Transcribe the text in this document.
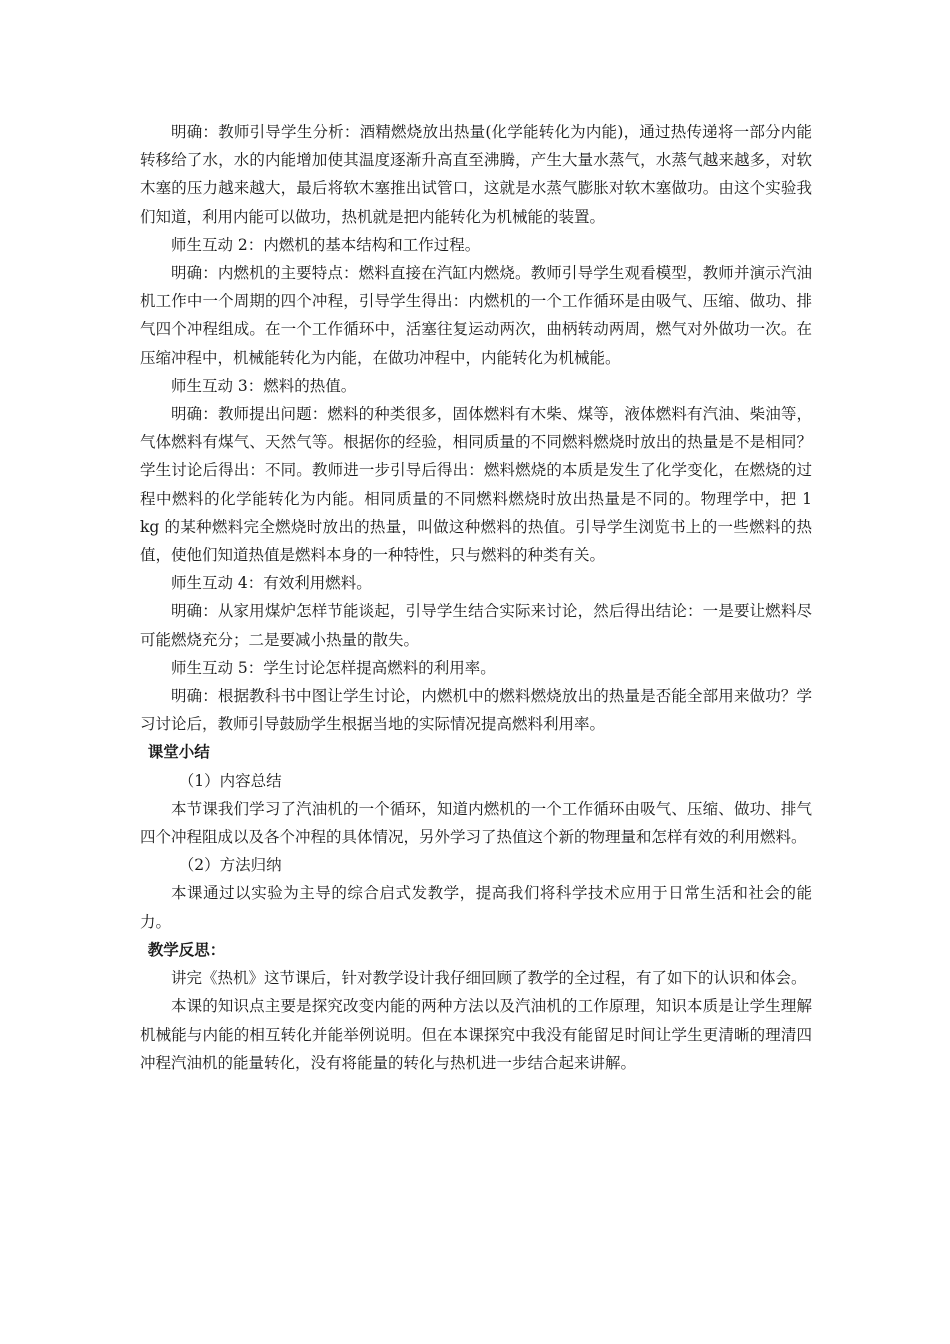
明确：教师引导学生分析：酒精燃烧放出热量(化学能转化为内能)，通过热传递将一部分内能转移给了水，水的内能增加使其温度逐渐升高直至沸腾，产生大量水蒸气，水蒸气越来越多，对软木塞的压力越来越大，最后将软木塞推出试管口，这就是水蒸气膨胀对软木塞做功。由这个实验我们知道，利用内能可以做功，热机就是把内能转化为机械能的装置。

师生互动 2：内燃机的基本结构和工作过程。

明确：内燃机的主要特点：燃料直接在汽缸内燃烧。教师引导学生观看模型，教师并演示汽油机工作中一个周期的四个冲程，引导学生得出：内燃机的一个工作循环是由吸气、压缩、做功、排气四个冲程组成。在一个工作循环中，活塞往复运动两次，曲柄转动两周，燃气对外做功一次。在压缩冲程中，机械能转化为内能，在做功冲程中，内能转化为机械能。

师生互动 3：燃料的热值。

明确：教师提出问题：燃料的种类很多，固体燃料有木柴、煤等，液体燃料有汽油、柴油等，气体燃料有煤气、天然气等。根据你的经验，相同质量的不同燃料燃烧时放出的热量是不是相同？学生讨论后得出：不同。教师进一步引导后得出：燃料燃烧的本质是发生了化学变化，在燃烧的过程中燃料的化学能转化为内能。相同质量的不同燃料燃烧时放出热量是不同的。物理学中，把 1 kg 的某种燃料完全燃烧时放出的热量，叫做这种燃料的热值。引导学生浏览书上的一些燃料的热值，使他们知道热值是燃料本身的一种特性，只与燃料的种类有关。

师生互动 4：有效利用燃料。

明确：从家用煤炉怎样节能谈起，引导学生结合实际来讨论，然后得出结论：一是要让燃料尽可能燃烧充分；二是要减小热量的散失。

师生互动 5：学生讨论怎样提高燃料的利用率。

明确：根据教科书中图让学生讨论，内燃机中的燃料燃烧放出的热量是否能全部用来做功？学习讨论后，教师引导鼓励学生根据当地的实际情况提高燃料利用率。

课堂小结

（1）内容总结

本节课我们学习了汽油机的一个循环，知道内燃机的一个工作循环由吸气、压缩、做功、排气四个冲程阻成以及各个冲程的具体情况，另外学习了热值这个新的物理量和怎样有效的利用燃料。

（2）方法归纳

本课通过以实验为主导的综合启式发教学，提高我们将科学技术应用于日常生活和社会的能力。

教学反思：

讲完《热机》这节课后，针对教学设计我仔细回顾了教学的全过程，有了如下的认识和体会。

本课的知识点主要是探究改变内能的两种方法以及汽油机的工作原理，知识本质是让学生理解机械能与内能的相互转化并能举例说明。但在本课探究中我没有能留足时间让学生更清晰的理清四冲程汽油机的能量转化，没有将能量的转化与热机进一步结合起来讲解。
